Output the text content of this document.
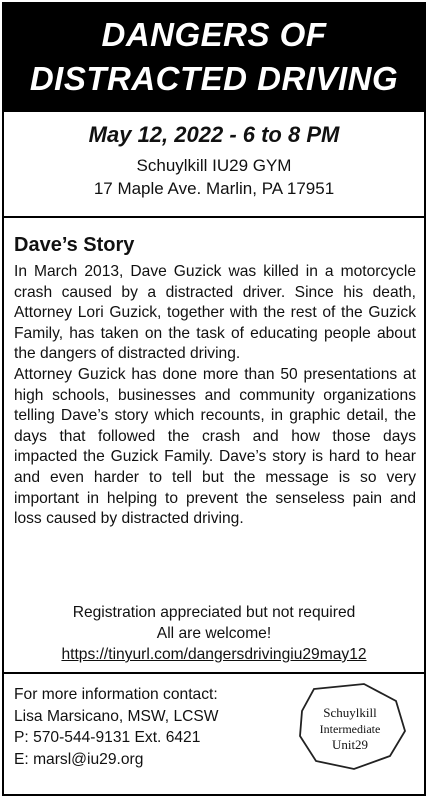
DANGERS OF
DISTRACTED DRIVING
May 12, 2022 - 6 to 8 PM
Schuylkill IU29 GYM
17 Maple Ave. Marlin, PA 17951
Dave’s Story

In March 2013, Dave Guzick was killed in a motorcycle crash caused by a distracted driver. Since his death, Attorney Lori Guzick, together with the rest of the Guzick Family, has taken on the task of educating people about the dangers of distracted driving.

Attorney Guzick has done more than 50 presentations at high schools, businesses and community organizations telling Dave’s story which recounts, in graphic detail, the days that followed the crash and how those days impacted the Guzick Family. Dave’s story is hard to hear and even harder to tell but the message is so very important in helping to prevent the senseless pain and loss caused by distracted driving.

Registration appreciated but not required
All are welcome!
https://tinyurl.com/dangersdrivingiu29may12
For more information contact:
Lisa Marsicano, MSW, LCSW
P: 570-544-9131 Ext. 6421
E: marsl@iu29.org
Schuylkill
Intermediate
Unit29
